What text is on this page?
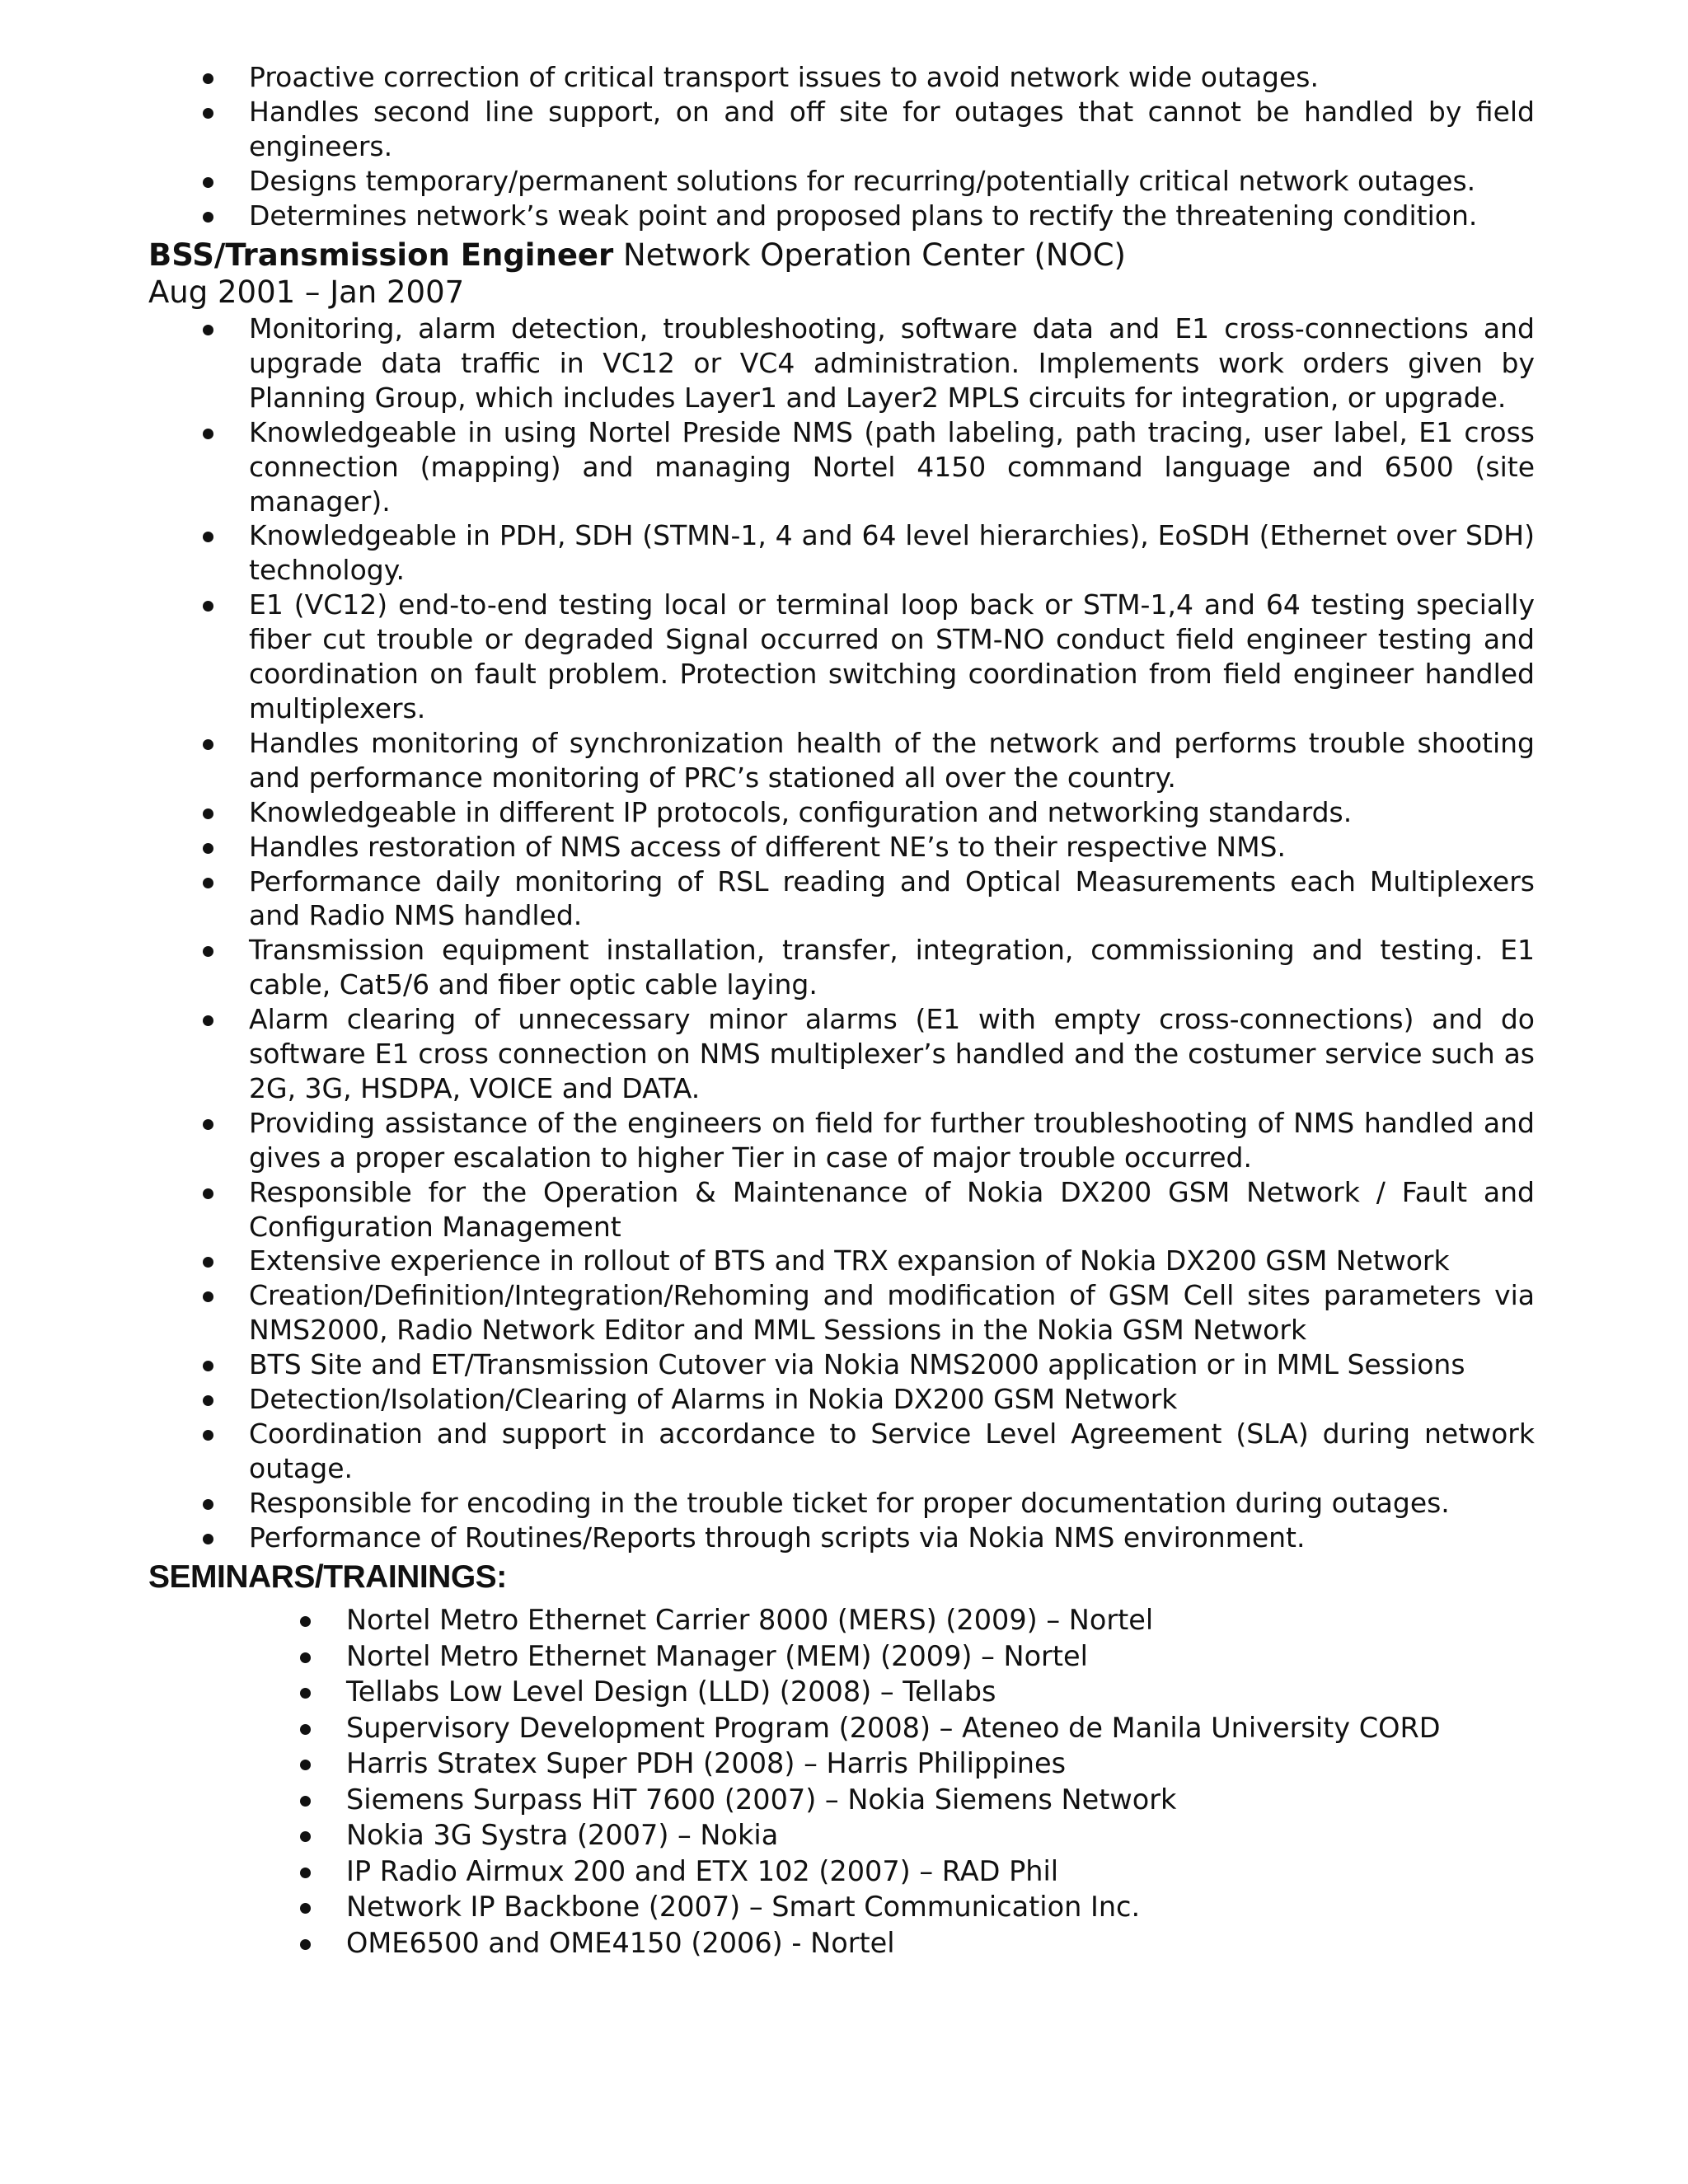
Proactive correction of critical transport issues to avoid network wide outages.
Handles second line support, on and off site for outages that cannot be handled by field engineers.
Designs temporary/permanent solutions for recurring/potentially critical network outages.
Determines network’s weak point and proposed plans to rectify the threatening condition.
BSS/Transmission Engineer Network Operation Center (NOC)
Aug 2001 – Jan 2007
Monitoring, alarm detection, troubleshooting, software data and E1 cross-connections and upgrade data traffic in VC12 or VC4 administration. Implements work orders given by Planning Group, which includes Layer1 and Layer2 MPLS circuits for integration, or upgrade.
Knowledgeable in using Nortel Preside NMS (path labeling, path tracing, user label, E1 cross connection (mapping) and managing Nortel 4150 command language and 6500 (site manager).
Knowledgeable in PDH, SDH (STMN-1, 4 and 64 level hierarchies), EoSDH (Ethernet over SDH) technology.
E1 (VC12) end-to-end testing local or terminal loop back or STM-1,4 and 64 testing specially fiber cut trouble or degraded Signal occurred on STM-NO conduct field engineer testing and coordination on fault problem. Protection switching coordination from field engineer handled multiplexers.
Handles monitoring of synchronization health of the network and performs trouble shooting and performance monitoring of PRC’s stationed all over the country.
Knowledgeable in different IP protocols, configuration and networking standards.
Handles restoration of NMS access of different NE’s to their respective NMS.
Performance daily monitoring of RSL reading and Optical Measurements each Multiplexers and Radio NMS handled.
Transmission equipment installation, transfer, integration, commissioning and testing. E1 cable, Cat5/6 and fiber optic cable laying.
Alarm clearing of unnecessary minor alarms (E1 with empty cross-connections) and do software E1 cross connection on NMS multiplexer’s handled and the costumer service such as 2G, 3G, HSDPA, VOICE and DATA.
Providing assistance of the engineers on field for further troubleshooting of NMS handled and gives a proper escalation to higher Tier in case of major trouble occurred.
Responsible for the Operation & Maintenance of Nokia DX200 GSM Network / Fault and Configuration Management
Extensive experience in rollout of BTS and TRX expansion of Nokia DX200 GSM Network
Creation/Definition/Integration/Rehoming and modification of GSM Cell sites parameters via NMS2000, Radio Network Editor and MML Sessions in the Nokia GSM Network
BTS Site and ET/Transmission Cutover via Nokia NMS2000 application or in MML Sessions
Detection/Isolation/Clearing of Alarms in Nokia DX200 GSM Network
Coordination and support in accordance to Service Level Agreement (SLA) during network outage.
Responsible for encoding in the trouble ticket for proper documentation during outages.
Performance of Routines/Reports through scripts via Nokia NMS environment.
SEMINARS/TRAININGS:
Nortel Metro Ethernet Carrier 8000 (MERS) (2009) – Nortel
Nortel Metro Ethernet Manager (MEM) (2009) – Nortel
Tellabs Low Level Design (LLD) (2008) – Tellabs
Supervisory Development Program (2008) – Ateneo de Manila University CORD
Harris Stratex Super PDH (2008) – Harris Philippines
Siemens Surpass HiT 7600 (2007) – Nokia Siemens Network
Nokia 3G Systra (2007) – Nokia
IP Radio Airmux 200 and ETX 102 (2007) – RAD Phil
Network IP Backbone (2007) – Smart Communication Inc.
OME6500 and OME4150 (2006) - Nortel
